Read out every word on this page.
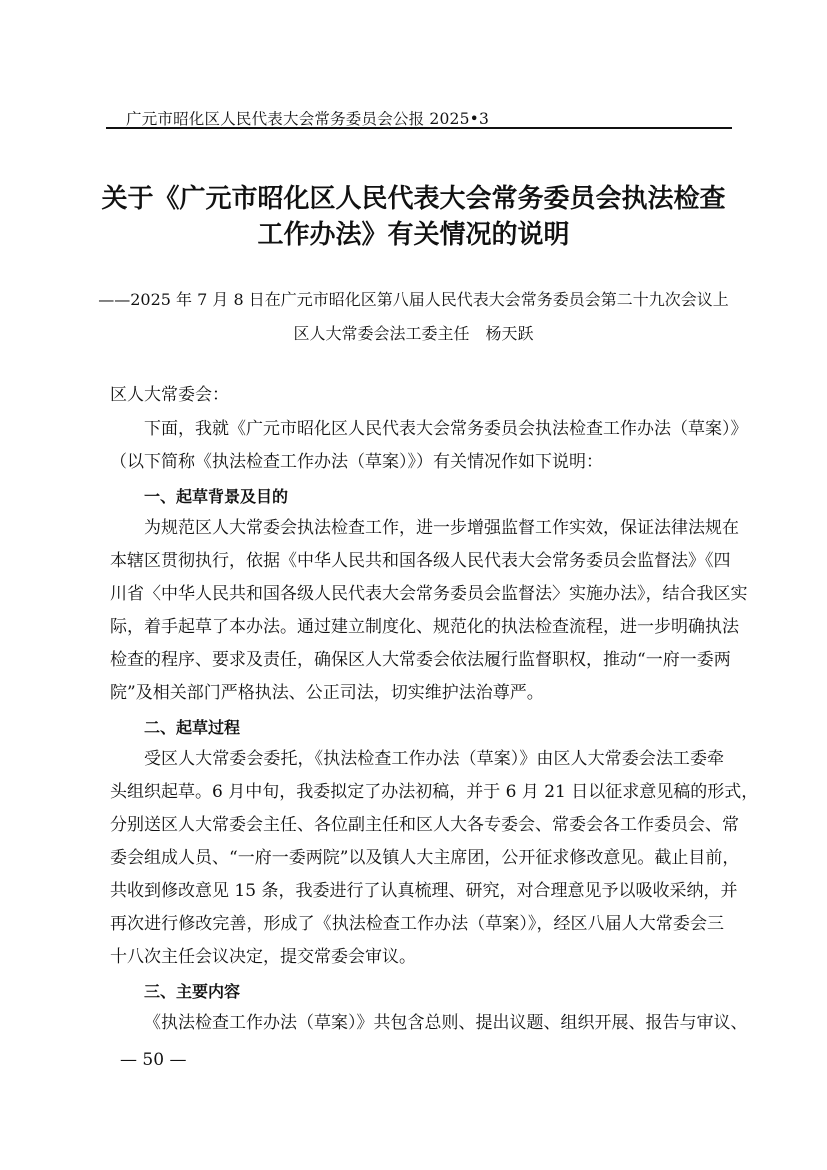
广元市昭化区人民代表大会常务委员会公报 2025•3
关于《广元市昭化区人民代表大会常务委员会执法检查
工作办法》有关情况的说明
——2025 年 7 月 8 日在广元市昭化区第八届人民代表大会常务委员会第二十九次会议上
区人大常委会法工委主任　杨天跃
区人大常委会：
下面，我就《广元市昭化区人民代表大会常务委员会执法检查工作办法（草案）》
（以下简称《执法检查工作办法（草案）》）有关情况作如下说明：
一、起草背景及目的
为规范区人大常委会执法检查工作，进一步增强监督工作实效，保证法律法规在
本辖区贯彻执行，依据《中华人民共和国各级人民代表大会常务委员会监督法》《四
川省〈中华人民共和国各级人民代表大会常务委员会监督法〉实施办法》，结合我区实
际，着手起草了本办法。通过建立制度化、规范化的执法检查流程，进一步明确执法
检查的程序、要求及责任，确保区人大常委会依法履行监督职权，推动“一府一委两
院”及相关部门严格执法、公正司法，切实维护法治尊严。
二、起草过程
受区人大常委会委托，《执法检查工作办法（草案）》由区人大常委会法工委牵
头组织起草。6 月中旬，我委拟定了办法初稿，并于 6 月 21 日以征求意见稿的形式，
分别送区人大常委会主任、各位副主任和区人大各专委会、常委会各工作委员会、常
委会组成人员、“一府一委两院”以及镇人大主席团，公开征求修改意见。截止目前，
共收到修改意见 15 条，我委进行了认真梳理、研究，对合理意见予以吸收采纳，并
再次进行修改完善，形成了《执法检查工作办法（草案）》，经区八届人大常委会三
十八次主任会议决定，提交常委会审议。
三、主要内容
《执法检查工作办法（草案）》共包含总则、提出议题、组织开展、报告与审议、
— 50 —
